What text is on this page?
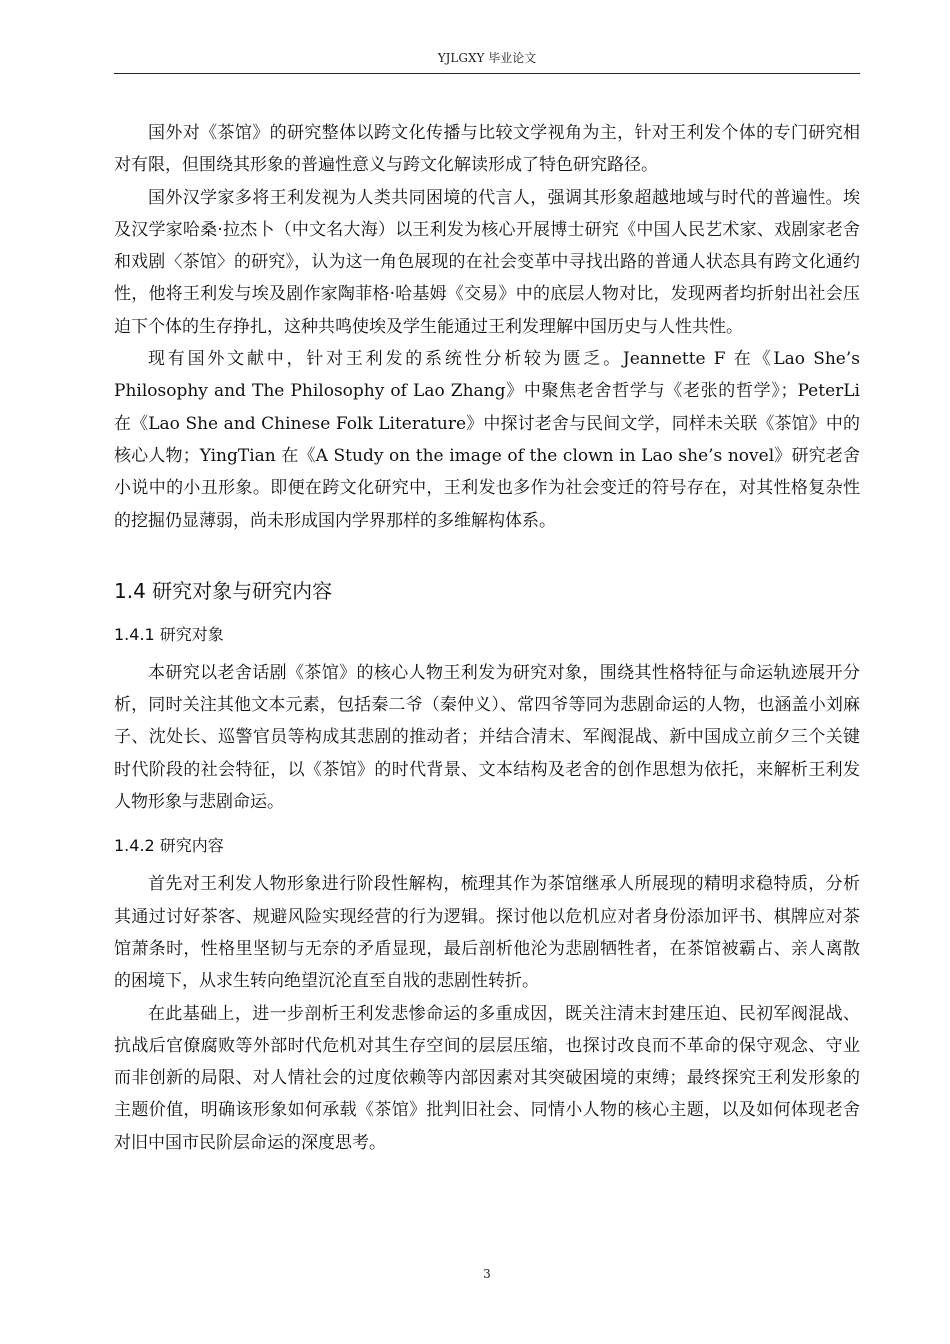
YJLGXY 毕业论文

国外对《茶馆》的研究整体以跨文化传播与比较文学视角为主，针对王利发个体的专门研究相对有限，但围绕其形象的普遍性意义与跨文化解读形成了特色研究路径。

国外汉学家多将王利发视为人类共同困境的代言人，强调其形象超越地域与时代的普遍性。埃及汉学家哈桑·拉杰卜（中文名大海）以王利发为核心开展博士研究《中国人民艺术家、戏剧家老舍和戏剧〈茶馆〉的研究》，认为这一角色展现的在社会变革中寻找出路的普通人状态具有跨文化通约性，他将王利发与埃及剧作家陶菲格·哈基姆《交易》中的底层人物对比，发现两者均折射出社会压迫下个体的生存挣扎，这种共鸣使埃及学生能通过王利发理解中国历史与人性共性。

现有国外文献中，针对王利发的系统性分析较为匮乏。Jeannette F 在《Lao She’s Philosophy and The Philosophy of Lao Zhang》中聚焦老舍哲学与《老张的哲学》；PeterLi 在《Lao She and Chinese Folk Literature》中探讨老舍与民间文学，同样未关联《茶馆》中的核心人物；YingTian 在《A Study on the image of the clown in Lao she’s novel》研究老舍小说中的小丑形象。即便在跨文化研究中，王利发也多作为社会变迁的符号存在，对其性格复杂性的挖掘仍显薄弱，尚未形成国内学界那样的多维解构体系。

1.4 研究对象与研究内容
1.4.1 研究对象

本研究以老舍话剧《茶馆》的核心人物王利发为研究对象，围绕其性格特征与命运轨迹展开分析，同时关注其他文本元素，包括秦二爷（秦仲义）、常四爷等同为悲剧命运的人物，也涵盖小刘麻子、沈处长、巡警官员等构成其悲剧的推动者；并结合清末、军阀混战、新中国成立前夕三个关键时代阶段的社会特征，以《茶馆》的时代背景、文本结构及老舍的创作思想为依托，来解析王利发人物形象与悲剧命运。

1.4.2 研究内容

首先对王利发人物形象进行阶段性解构，梳理其作为茶馆继承人所展现的精明求稳特质，分析其通过讨好茶客、规避风险实现经营的行为逻辑。探讨他以危机应对者身份添加评书、棋牌应对茶馆萧条时，性格里坚韧与无奈的矛盾显现，最后剖析他沦为悲剧牺牲者，在茶馆被霸占、亲人离散的困境下，从求生转向绝望沉沦直至自戕的悲剧性转折。

在此基础上，进一步剖析王利发悲惨命运的多重成因，既关注清末封建压迫、民初军阀混战、抗战后官僚腐败等外部时代危机对其生存空间的层层压缩，也探讨改良而不革命的保守观念、守业而非创新的局限、对人情社会的过度依赖等内部因素对其突破困境的束缚；最终探究王利发形象的主题价值，明确该形象如何承载《茶馆》批判旧社会、同情小人物的核心主题，以及如何体现老舍对旧中国市民阶层命运的深度思考。

3
